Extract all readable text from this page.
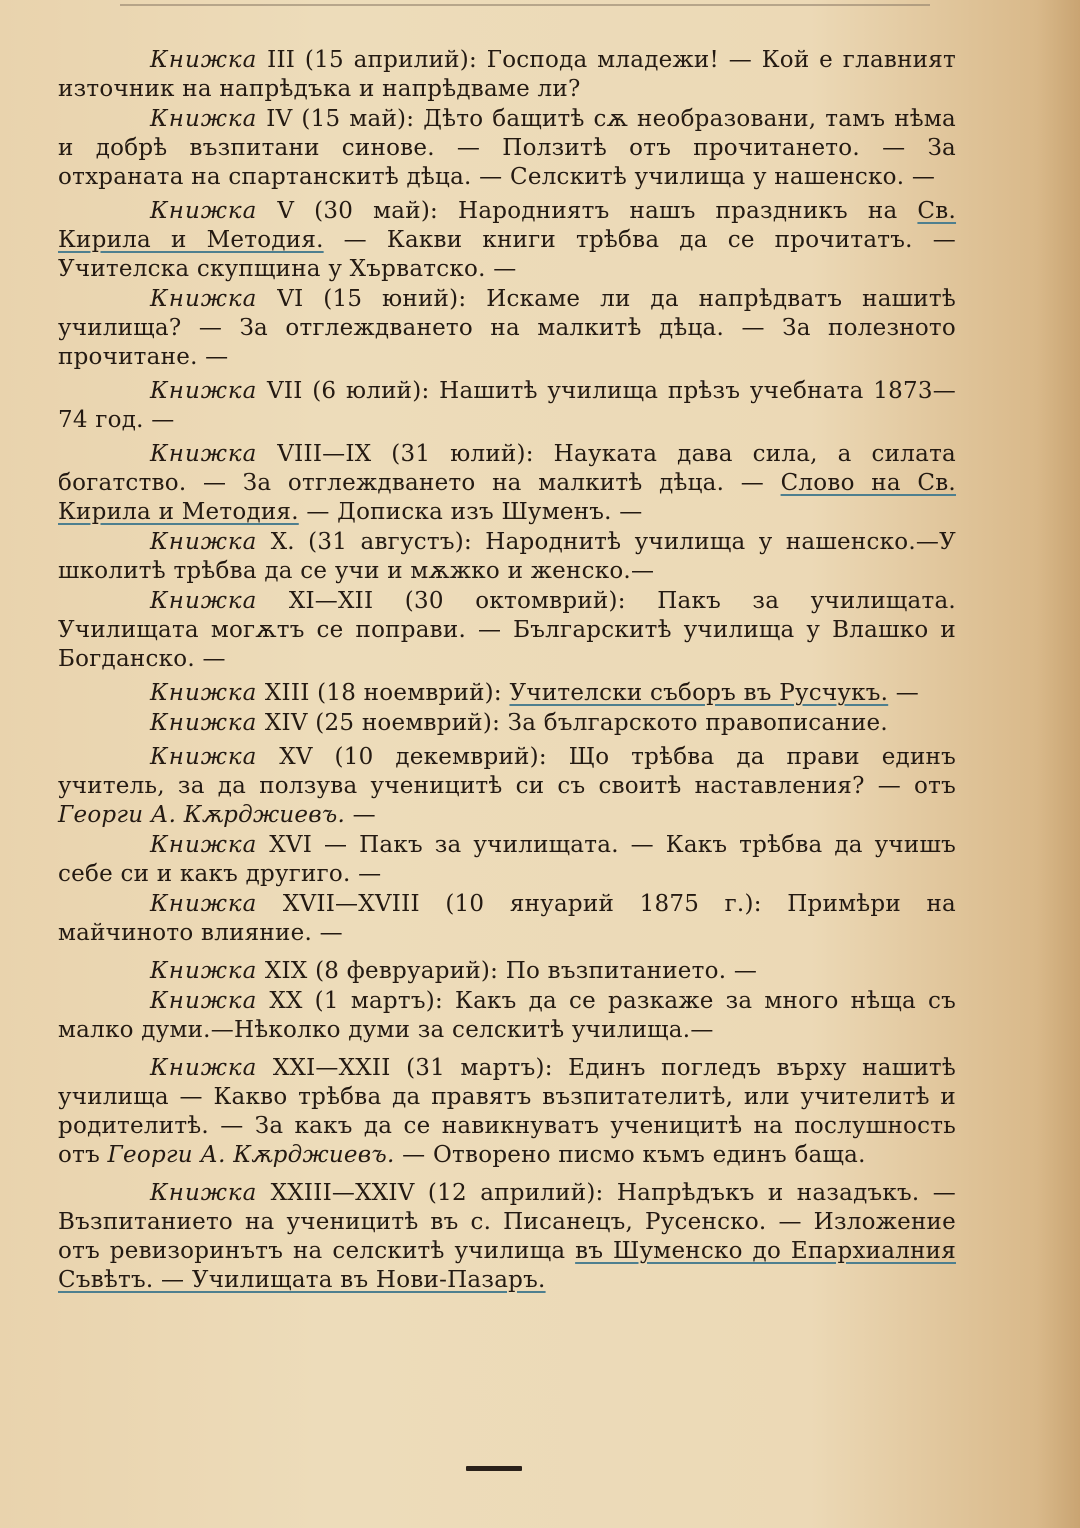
Книжка III (15 априлий): Господа младежи! — Кой е главният източник на напрѣдъка и напрѣдваме ли?

Книжка IV (15 май): Дѣто бащитѣ сѫ необразовани, тамъ нѣма и добрѣ възпитани синове. — Ползитѣ отъ прочитането. — За отхраната на спартанскитѣ дѣца. — Селскитѣ училища у нашенско. —

Книжка V (30 май): Народниятъ нашъ праздникъ на Св. Кирила и Методия. — Какви книги трѣбва да се прочитатъ. — Учителска скупщина у Хърватско. —

Книжка VI (15 юний): Искаме ли да напрѣдватъ нашитѣ училища? — За отглеждването на малкитѣ дѣца. — За полезното прочитане. —

Книжка VII (6 юлий): Нашитѣ училища прѣзъ учебната 1873—74 год. —

Книжка VIII—IX (31 юлий): Науката дава сила, а силата богатство. — За отглеждването на малкитѣ дѣца. — Слово на Св. Кирила и Методия. — Дописка изъ Шуменъ. —

Книжка X. (31 августъ): Народнитѣ училища у нашенско.—У школитѣ трѣбва да се учи и мѫжко и женско.—

Книжка XI—XII (30 октомврий): Пакъ за училищата. Училищата могѫтъ се поправи. — Българскитѣ училища у Влашко и Богданско. —

Книжка XIII (18 ноемврий): Учителски съборъ въ Русчукъ. —

Книжка XIV (25 ноемврий): За българското правописание.

Книжка XV (10 декемврий): Що трѣбва да прави единъ учитель, за да ползува ученицитѣ си съ своитѣ наставления? — отъ Георги А. Кѫрджиевъ. —

Книжка XVI — Пакъ за училищата. — Какъ трѣбва да учишъ себе си и какъ другиго. —

Книжка XVII—XVIII (10 януарий 1875 г.): Примѣри на майчиното влияние. —

Книжка XIX (8 февруарий): По възпитанието. —

Книжка XX (1 мартъ): Какъ да се разкаже за много нѣща съ малко думи.—Нѣколко думи за селскитѣ училища.—

Книжка XXI—XXII (31 мартъ): Единъ погледъ върху нашитѣ училища — Какво трѣбва да правятъ възпитателитѣ, или учителитѣ и родителитѣ. — За какъ да се навикнуватъ ученицитѣ на послушность отъ Георги А. Кѫрджиевъ. — Отворено писмо къмъ единъ баща.

Книжка XXIII—XXIV (12 априлий): Напрѣдъкъ и назадъкъ. — Възпитанието на ученицитѣ въ с. Писанецъ, Русенско. — Изложение отъ ревизоринътъ на селскитѣ училища въ Шуменско до Епархиалния Съвѣтъ. — Училищата въ Нови-Пазаръ.
